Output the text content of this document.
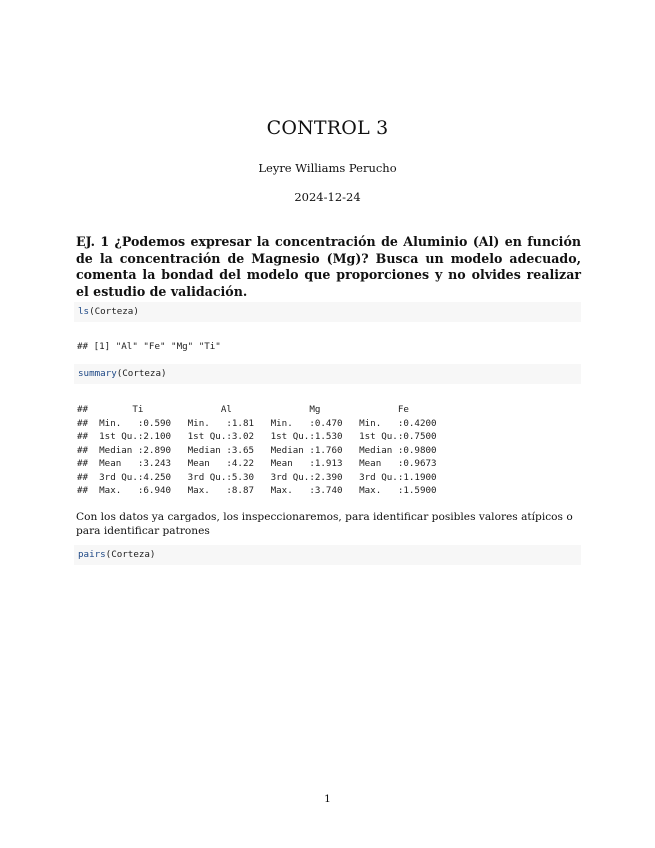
CONTROL 3
Leyre Williams Perucho
2024-12-24
EJ. 1 ¿Podemos expresar la concentración de Aluminio (Al) en función de la concentración de Magnesio (Mg)? Busca un modelo adecuado, comenta la bondad del modelo que proporciones y no olvides realizar el estudio de validación.
ls(Corteza)
## [1] "Al" "Fe" "Mg" "Ti"
summary(Corteza)
##        Ti              Al              Mg              Fe
##  Min.   :0.590   Min.   :1.81   Min.   :0.470   Min.   :0.4200
##  1st Qu.:2.100   1st Qu.:3.02   1st Qu.:1.530   1st Qu.:0.7500
##  Median :2.890   Median :3.65   Median :1.760   Median :0.9800
##  Mean   :3.243   Mean   :4.22   Mean   :1.913   Mean   :0.9673
##  3rd Qu.:4.250   3rd Qu.:5.30   3rd Qu.:2.390   3rd Qu.:1.1900
##  Max.   :6.940   Max.   :8.87   Max.   :3.740   Max.   :1.5900
Con los datos ya cargados, los inspeccionaremos, para identificar posibles valores atípicos o para identificar patrones
pairs(Corteza)
1
